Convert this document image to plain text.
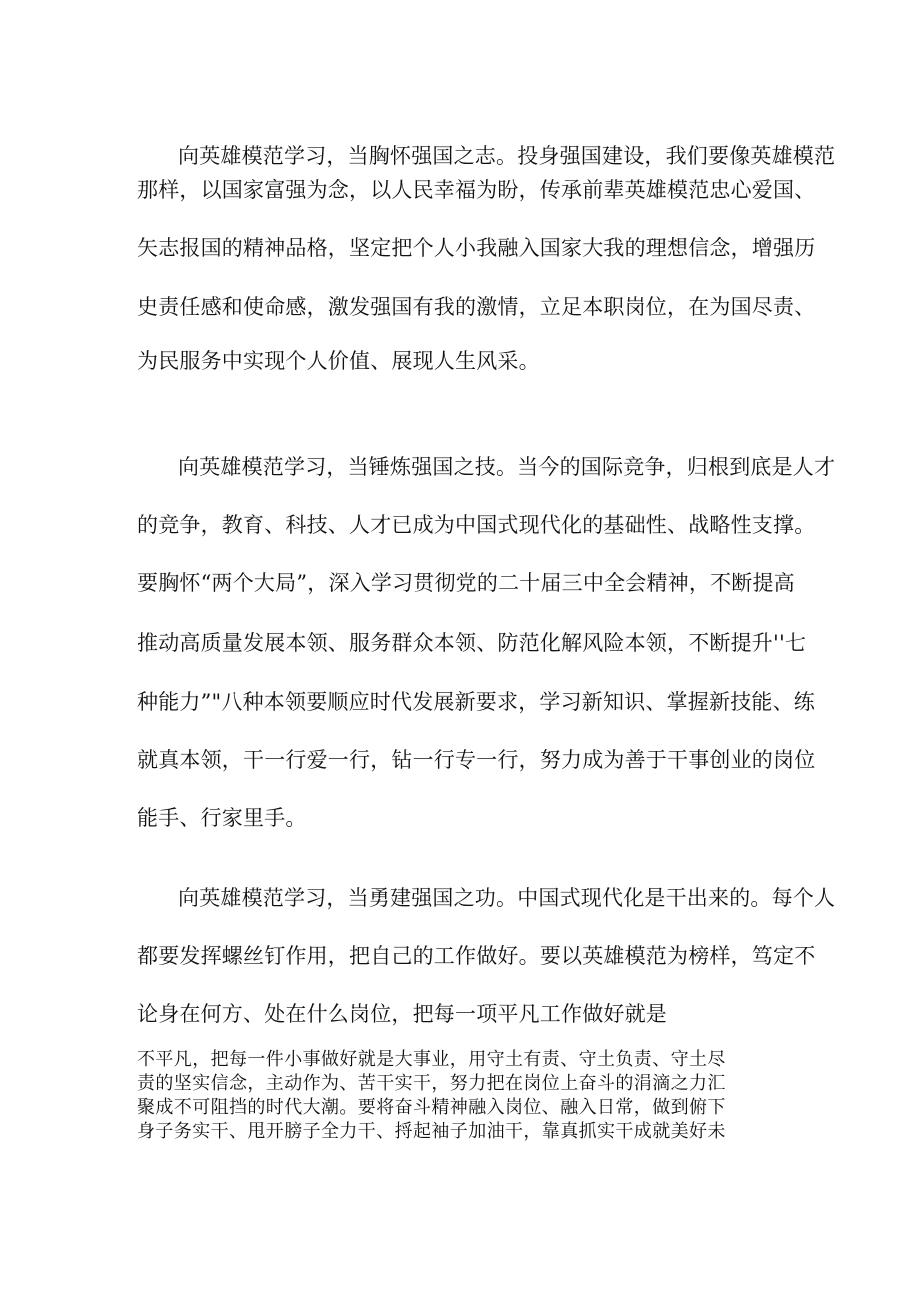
向英雄模范学习，当胸怀强国之志。投身强国建设，我们要像英雄模范
那样，以国家富强为念，以人民幸福为盼，传承前辈英雄模范忠心爱国、
矢志报国的精神品格，坚定把个人小我融入国家大我的理想信念，增强历
史责任感和使命感，激发强国有我的激情，立足本职岗位，在为国尽责、
为民服务中实现个人价值、展现人生风采。
向英雄模范学习，当锤炼强国之技。当今的国际竞争，归根到底是人才
的竞争，教育、科技、人才已成为中国式现代化的基础性、战略性支撑。
要胸怀“两个大局”，深入学习贯彻党的二十届三中全会精神，不断提高
推动高质量发展本领、服务群众本领、防范化解风险本领，不断提升''七
种能力”"八种本领要顺应时代发展新要求，学习新知识、掌握新技能、练
就真本领，干一行爱一行，钻一行专一行，努力成为善于干事创业的岗位
能手、行家里手。
向英雄模范学习，当勇建强国之功。中国式现代化是干出来的。每个人
都要发挥螺丝钉作用，把自己的工作做好。要以英雄模范为榜样，笃定不
论身在何方、处在什么岗位，把每一项平凡工作做好就是
不平凡，把每一件小事做好就是大事业，用守土有责、守土负责、守土尽
责的坚实信念，主动作为、苦干实干，努力把在岗位上奋斗的涓滴之力汇
聚成不可阻挡的时代大潮。要将奋斗精神融入岗位、融入日常，做到俯下
身子务实干、甩开膀子全力干、捋起袖子加油干，靠真抓实干成就美好未
